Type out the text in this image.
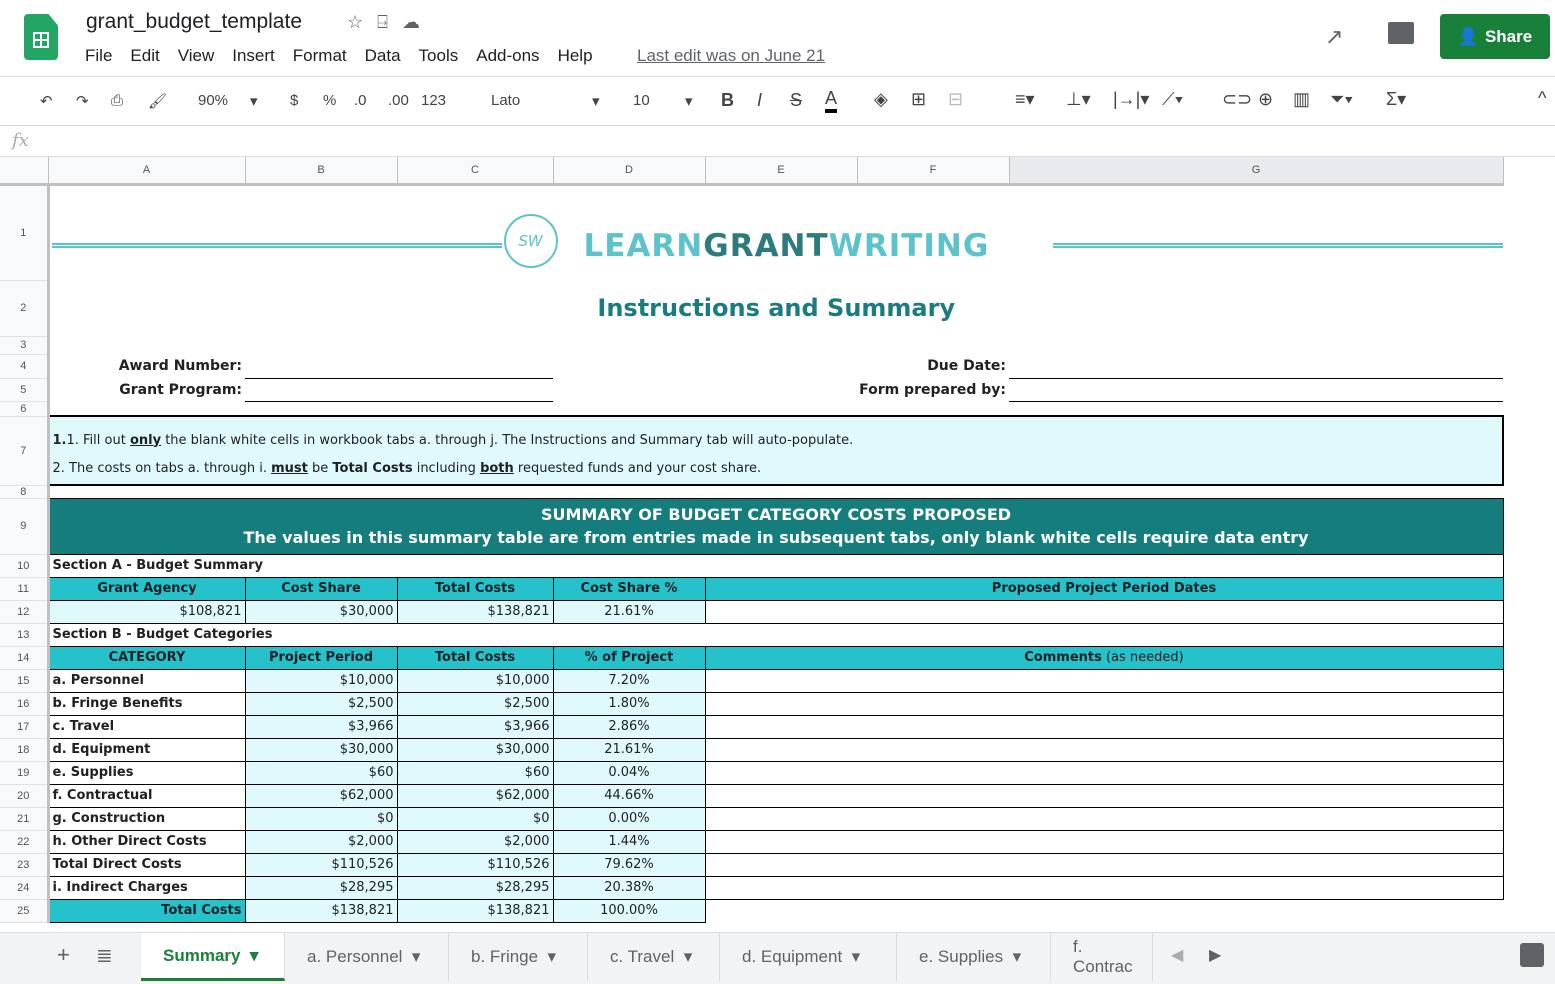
grant_budget_template	☆⍈☁
File Edit View Insert Format Data Tools Add-ons Help	Last edit was on June 21
↗	👤 Share
↶ ↷ ⎙ 🖌 90% ▾ $ % .0 .00 123	Lato	▾ 10 ▾ B I S A ◈ ⊞ ⊟	≡▾ ⊥▾ |→|▾ ⟋▾ ⊂⊃ ⊕ ▥ ⏷▾ Σ▾	^
fx
	A	B	C	D	E	F	G
1	SW LEARNGRANTWRITING						

2	Instructions and Summary						
3							
4	Award Number:			Due Date:			
5	Grant Program:			Form prepared by:			
6							
7	1.1. Fill out only the blank white cells in workbook tabs a. through j. The Instructions and Summary tab will auto-populate.
2. The costs on tabs a. through i. must be Total Costs including both requested funds and your cost share.						

8							
9	SUMMARY OF BUDGET CATEGORY COSTS PROPOSED
The values in this summary table are from entries made in subsequent tabs, only blank white cells require data entry						

10	Section A - Budget Summary						
11	Grant Agency	Cost Share	Total Costs	Cost Share %	Proposed Project Period Dates		
12	$108,821	$30,000	$138,821	21.61%			
13	Section B - Budget Categories						
14	CATEGORY	Project Period	Total Costs	% of Project	Comments (as needed)		
15	a. Personnel	$10,000	$10,000	7.20%			
16	b. Fringe Benefits	$2,500	$2,500	1.80%			
17	c. Travel	$3,966	$3,966	2.86%			
18	d. Equipment	$30,000	$30,000	21.61%			
19	e. Supplies	$60	$60	0.04%			
20	f. Contractual	$62,000	$62,000	44.66%			
21	g. Construction	$0	$0	0.00%			
22	h. Other Direct Costs	$2,000	$2,000	1.44%			
23	Total Direct Costs	$110,526	$110,526	79.62%			
24	i. Indirect Charges	$28,295	$28,295	20.38%			
25	Total Costs	$138,821	$138,821	100.00%			
+ ≣	Summary ▾	a. Personnel ▾	b. Fringe ▾	c. Travel ▾	d. Equipment ▾	e. Supplies ▾
f. Contrac
◀ ▶
